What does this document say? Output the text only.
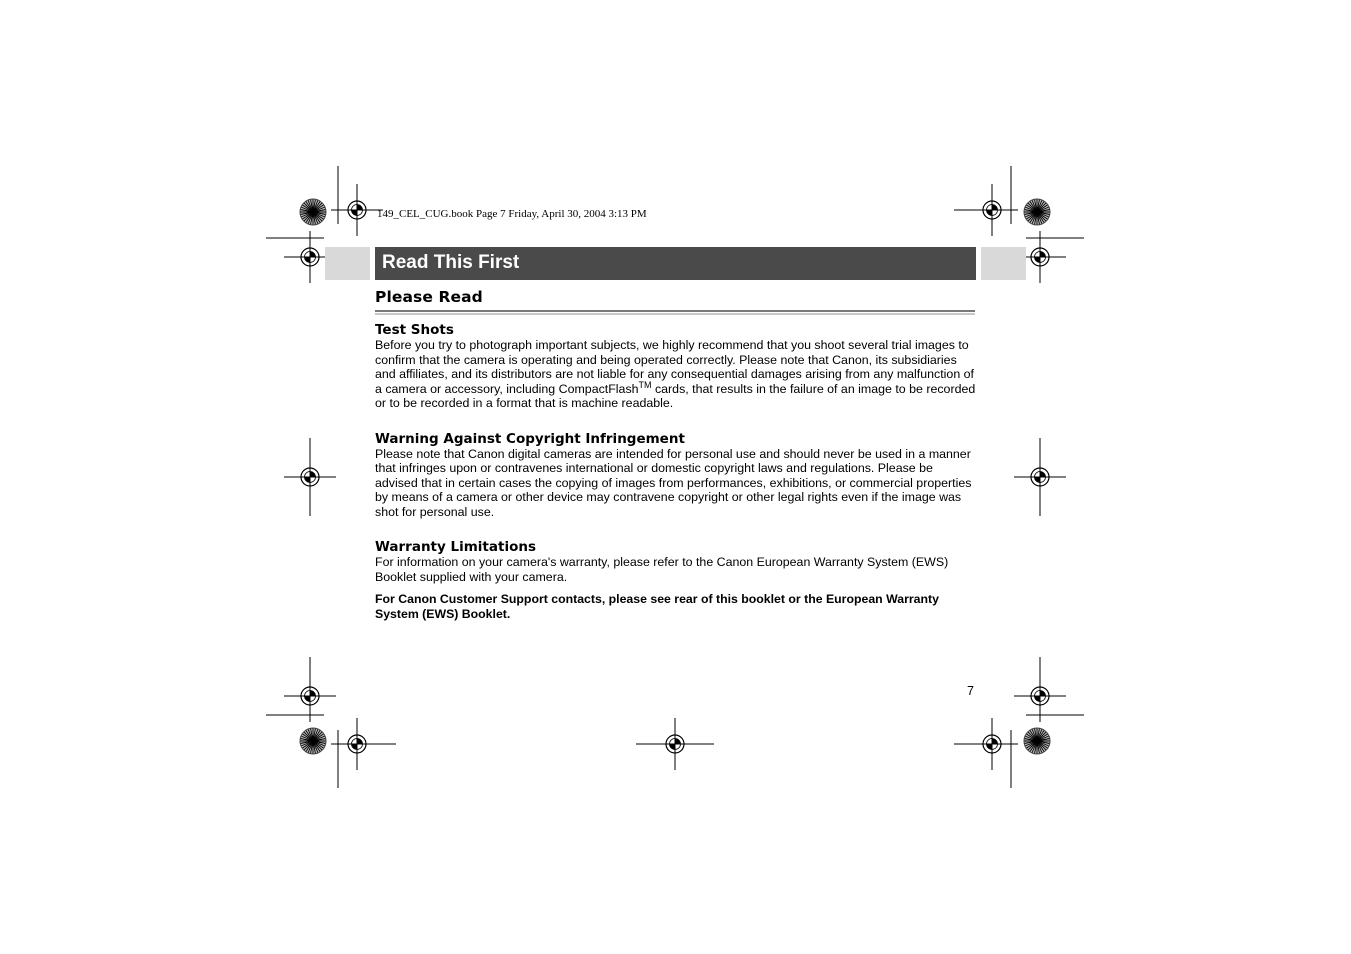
149_CEL_CUG.book Page 7 Friday, April 30, 2004 3:13 PM
Read This First
Please Read

Test Shots

Before you try to photograph important subjects, we highly recommend that you shoot several trial images to confirm that the camera is operating and being operated correctly. Please note that Canon, its subsidiaries and affiliates, and its distributors are not liable for any consequential damages arising from any malfunction of a camera or accessory, including CompactFlash™ cards, that results in the failure of an image to be recorded or to be recorded in a format that is machine readable.

Warning Against Copyright Infringement

Please note that Canon digital cameras are intended for personal use and should never be used in a manner that infringes upon or contravenes international or domestic copyright laws and regulations. Please be advised that in certain cases the copying of images from performances, exhibitions, or commercial properties by means of a camera or other device may contravene copyright or other legal rights even if the image was shot for personal use.

Warranty Limitations

For information on your camera's warranty, please refer to the Canon European Warranty System (EWS) Booklet supplied with your camera.

For Canon Customer Support contacts, please see rear of this booklet or the European Warranty System (EWS) Booklet.

7
